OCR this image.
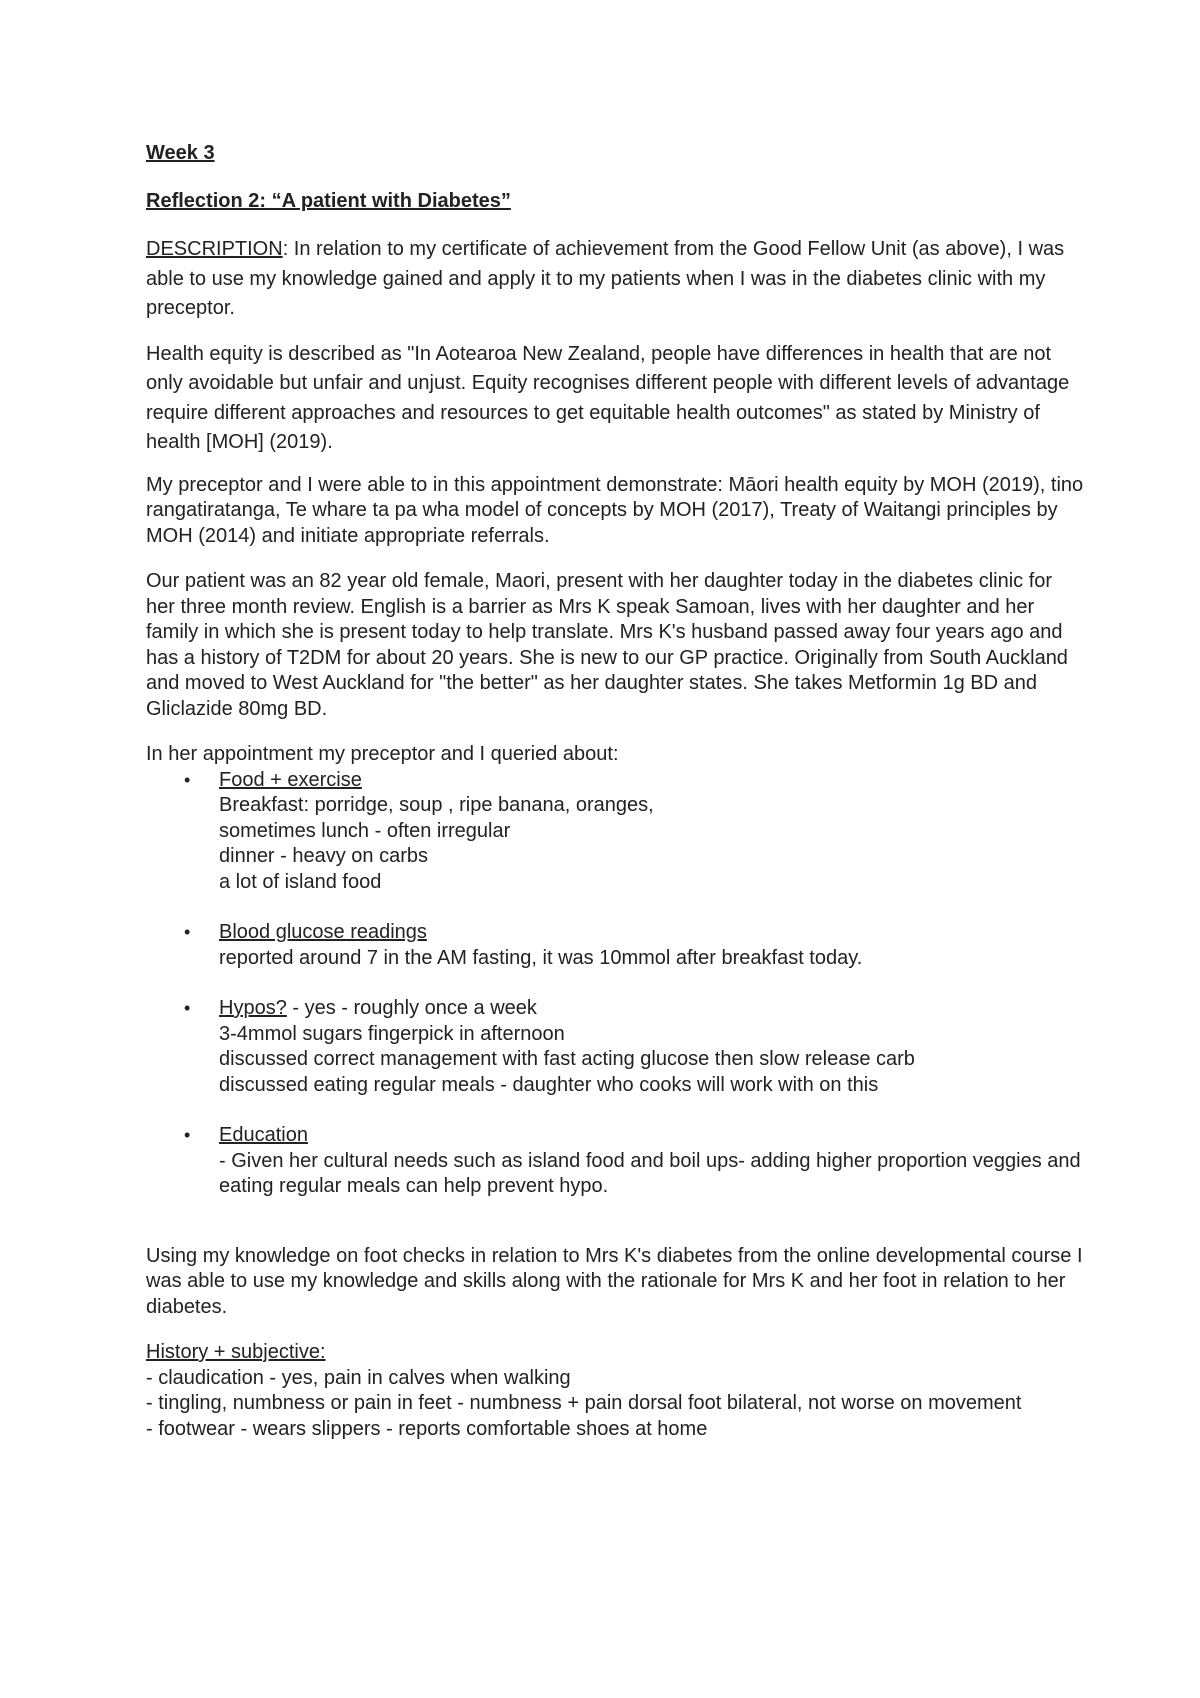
Week 3
Reflection 2: “A patient with Diabetes”

DESCRIPTION: In relation to my certificate of achievement from the Good Fellow Unit (as above), I was able to use my knowledge gained and apply it to my patients when I was in the diabetes clinic with my preceptor.

Health equity is described as "In Aotearoa New Zealand, people have differences in health that are not only avoidable but unfair and unjust. Equity recognises different people with different levels of advantage require different approaches and resources to get equitable health outcomes" as stated by Ministry of health [MOH] (2019).

My preceptor and I were able to in this appointment demonstrate: Māori health equity by MOH (2019), tino rangatiratanga, Te whare ta pa wha model of concepts by MOH (2017), Treaty of Waitangi principles by MOH (2014) and initiate appropriate referrals.

Our patient was an 82 year old female, Maori, present with her daughter today in the diabetes clinic for her three month review. English is a barrier as Mrs K speak Samoan, lives with her daughter and her family in which she is present today to help translate. Mrs K's husband passed away four years ago and has a history of T2DM for about 20 years. She is new to our GP practice. Originally from South Auckland and moved to West Auckland for "the better" as her daughter states. She takes Metformin 1g BD and Gliclazide 80mg BD.

In her appointment my preceptor and I queried about:

• Food + exercise
Breakfast: porridge, soup , ripe banana, oranges,
sometimes lunch - often irregular
dinner - heavy on carbs
a lot of island food
• Blood glucose readings
reported around 7 in the AM fasting, it was 10mmol after breakfast today.
• Hypos? - yes - roughly once a week
3-4mmol sugars fingerpick in afternoon
discussed correct management with fast acting glucose then slow release carb
discussed eating regular meals - daughter who cooks will work with on this
• Education
- Given her cultural needs such as island food and boil ups- adding higher proportion veggies and eating regular meals can help prevent hypo.

Using my knowledge on foot checks in relation to Mrs K's diabetes from the online developmental course I was able to use my knowledge and skills along with the rationale for Mrs K and her foot in relation to her diabetes.

History + subjective:
- claudication - yes, pain in calves when walking
- tingling, numbness or pain in feet - numbness + pain dorsal foot bilateral, not worse on movement
- footwear - wears slippers - reports comfortable shoes at home
